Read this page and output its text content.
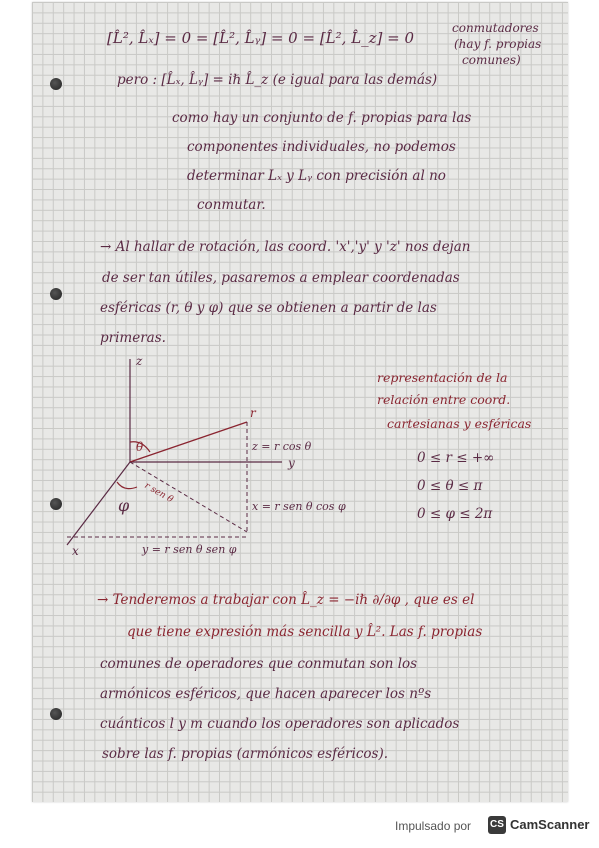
[L̂², L̂ₓ] = 0 = [L̂², L̂ᵧ] = 0 = [L̂², L̂_z] = 0
conmutadores
(hay f. propias
comunes)
pero : [L̂ₓ, L̂ᵧ] = iℏ L̂_z (e igual para las demás)
como hay un conjunto de f. propias para las
componentes individuales, no podemos
determinar Lₓ y Lᵧ con precisión al no
conmutar.
→ Al hallar de rotación, las coord. 'x','y' y 'z' nos dejan
de ser tan útiles, pasaremos a emplear coordenadas
esféricas (r, θ y φ) que se obtienen a partir de las
primeras.
representación de la
relación entre coord.
cartesianas y esféricas
0 ≤ r ≤ +∞
0 ≤ θ ≤ π
0 ≤ φ ≤ 2π
z
y
x
r
θ
φ
z = r cos θ
x = r sen θ cos φ
y = r sen θ sen φ
r sen θ
→ Tenderemos a trabajar con L̂_z = −iℏ ∂/∂φ , que es el
que tiene expresión más sencilla y L̂². Las f. propias
comunes de operadores que conmutan son los
armónicos esféricos, que hacen aparecer los nºs
cuánticos l y m cuando los operadores son aplicados
sobre las f. propias (armónicos esféricos).
Impulsado por CS CamScanner
